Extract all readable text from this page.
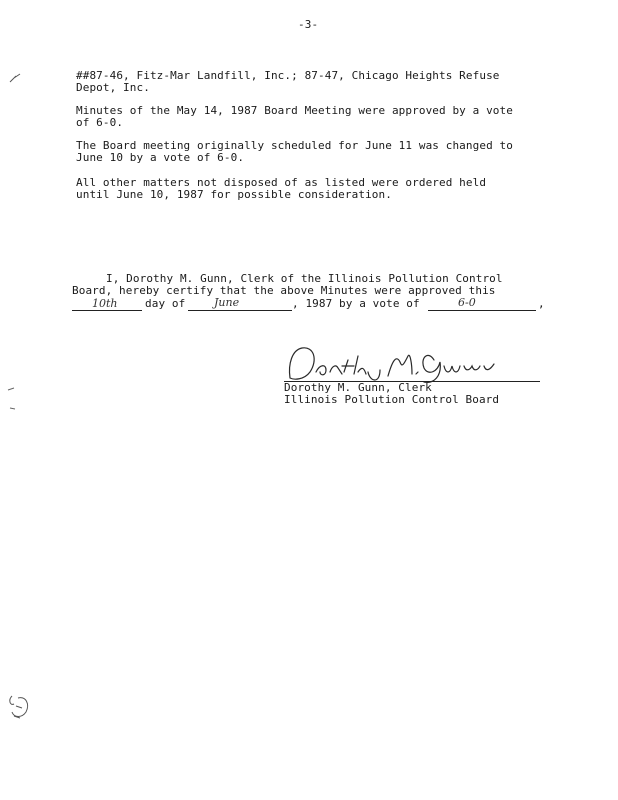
-3-

##87-46, Fitz-Mar Landfill, Inc.; 87-47, Chicago Heights Refuse
Depot, Inc.

Minutes of the May 14, 1987 Board Meeting were approved by a vote
of 6-0.

The Board meeting originally scheduled for June 11 was changed to
June 10 by a vote of 6-0.

All other matters not disposed of as listed were ordered held
until June 10, 1987 for possible consideration.

I, Dorothy M. Gunn, Clerk of the Illinois Pollution Control

Board, hereby certify that the above Minutes were approved this

10th day of	June	, 1987 by a vote of	6-0	,

Dorothy M. Gunn, Clerk

Illinois Pollution Control Board
